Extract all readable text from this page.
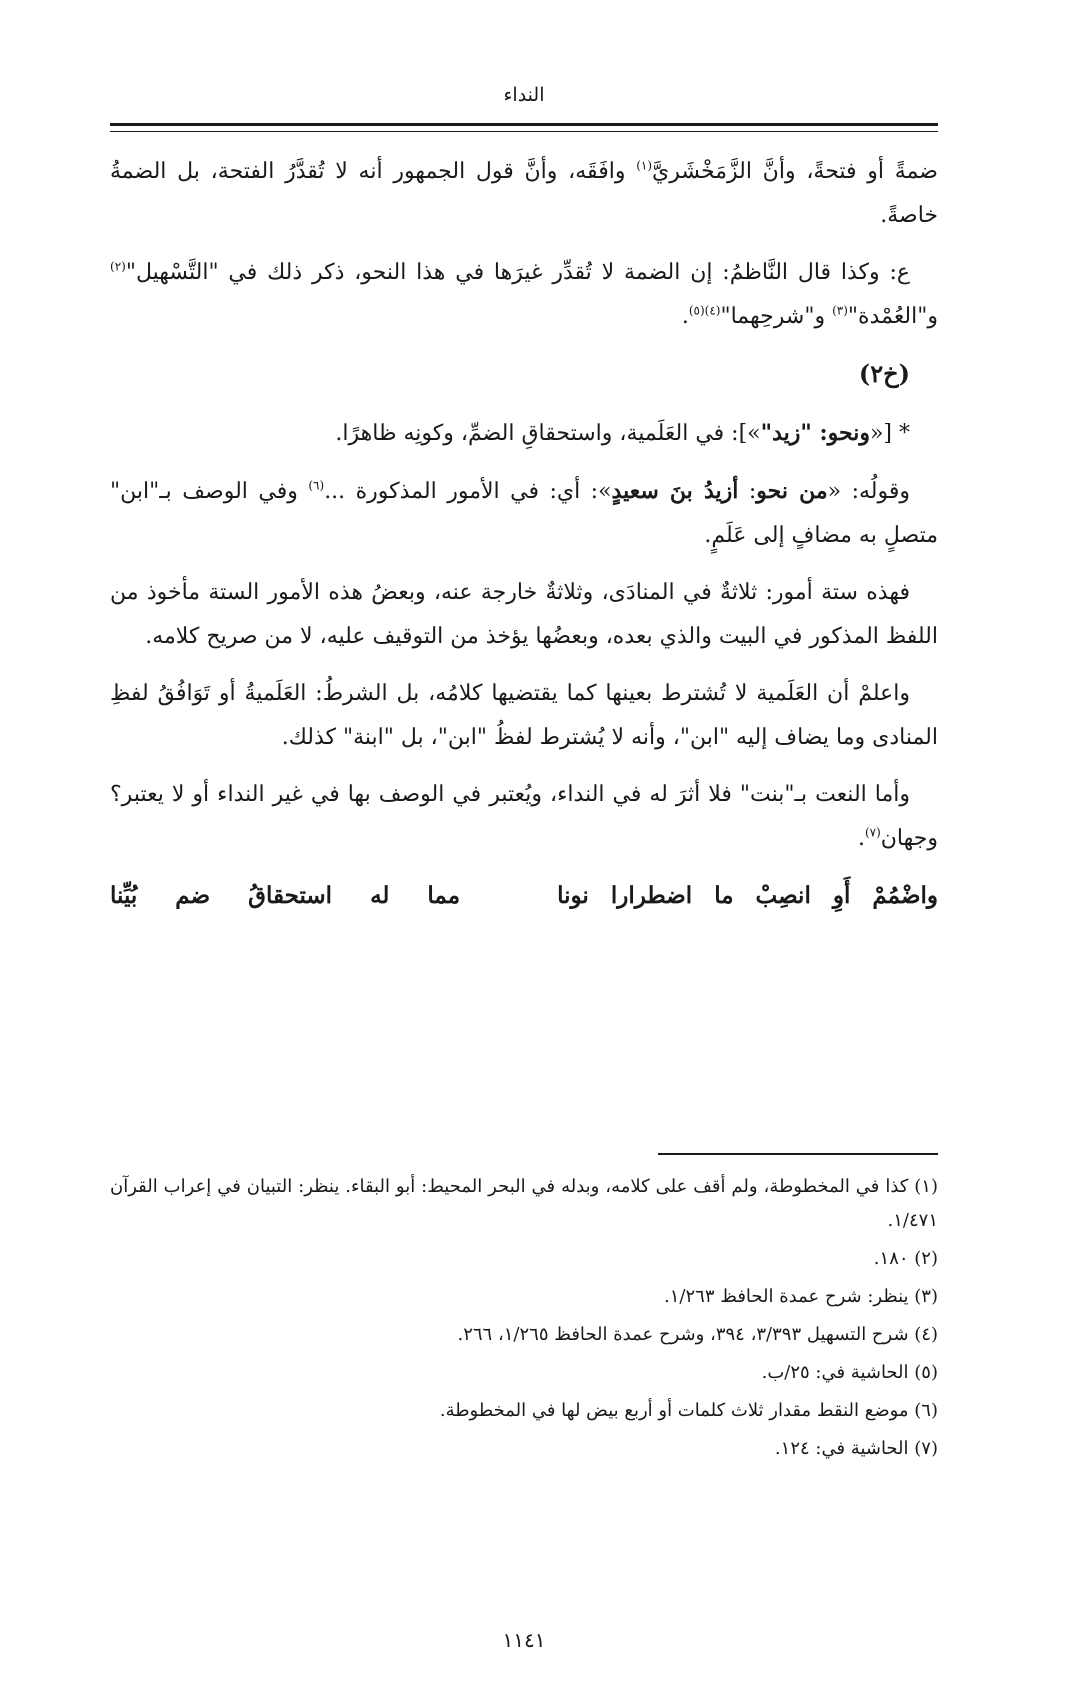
النداء

ضمةً أو فتحةً، وأنَّ الزَّمَخْشَريَّ$^{(١)}$ وافَقَه، وأنَّ قول الجمهور أنه لا تُقدَّرُ الفتحة، بل الضمةُ خاصةً.

ع: وكذا قال النَّاظمُ: إن الضمة لا تُقدِّر غيرَها في هذا النحو، ذكر ذلك في "التَّسْهيل"$^{(٢)}$ و"العُمْدة"$^{(٣)}$ و"شرحِهما"$^{(٤)(٥)}$.

(خ٢)

* [«ونحو: "زيد"»]: في العَلَمية، واستحقاقِ الضمِّ، وكونِه ظاهرًا.

وقولُه: «من نحو: أزيدُ بنَ سعيدٍ»: أي: في الأمور المذكورة ...$^{(٦)}$ وفي الوصف بـ"ابن" متصلٍ به مضافٍ إلى عَلَمٍ.

فهذه ستة أمور: ثلاثةٌ في المنادَى، وثلاثةٌ خارجة عنه، وبعضُ هذه الأمور الستة مأخوذ من اللفظ المذكور في البيت والذي بعده، وبعضُها يؤخذ من التوقيف عليه، لا من صريح كلامه.

واعلمْ أن العَلَمية لا تُشترط بعينها كما يقتضيها كلامُه، بل الشرطُ: العَلَميةُ أو تَوَافُقُ لفظِ المنادى وما يضاف إليه "ابن"، وأنه لا يُشترط لفظُ "ابن"، بل "ابنة" كذلك.

وأما النعت بـ"بنت" فلا أثرَ له في النداء، ويُعتبر في الوصف بها في غير النداء أو لا يعتبر؟ وجهان$^{(٧)}$.

واضْمُمْ
أَوِ
انصِبْ
ما
اضطرارا
نونا
مما
له
استحقاقُ
ضم
بُيِّنا

(١) كذا في المخطوطة، ولم أقف على كلامه، وبدله في البحر المحيط: أبو البقاء. ينظر: التبيان في إعراب القرآن ١/٤٧١.

(٢) ١٨٠.

(٣) ينظر: شرح عمدة الحافظ ١/٢٦٣.

(٤) شرح التسهيل ٣/٣٩٣، ٣٩٤، وشرح عمدة الحافظ ١/٢٦٥، ٢٦٦.

(٥) الحاشية في: ٢٥/ب.

(٦) موضع النقط مقدار ثلاث كلمات أو أربع بيض لها في المخطوطة.

(٧) الحاشية في: ١٢٤.

١١٤١
